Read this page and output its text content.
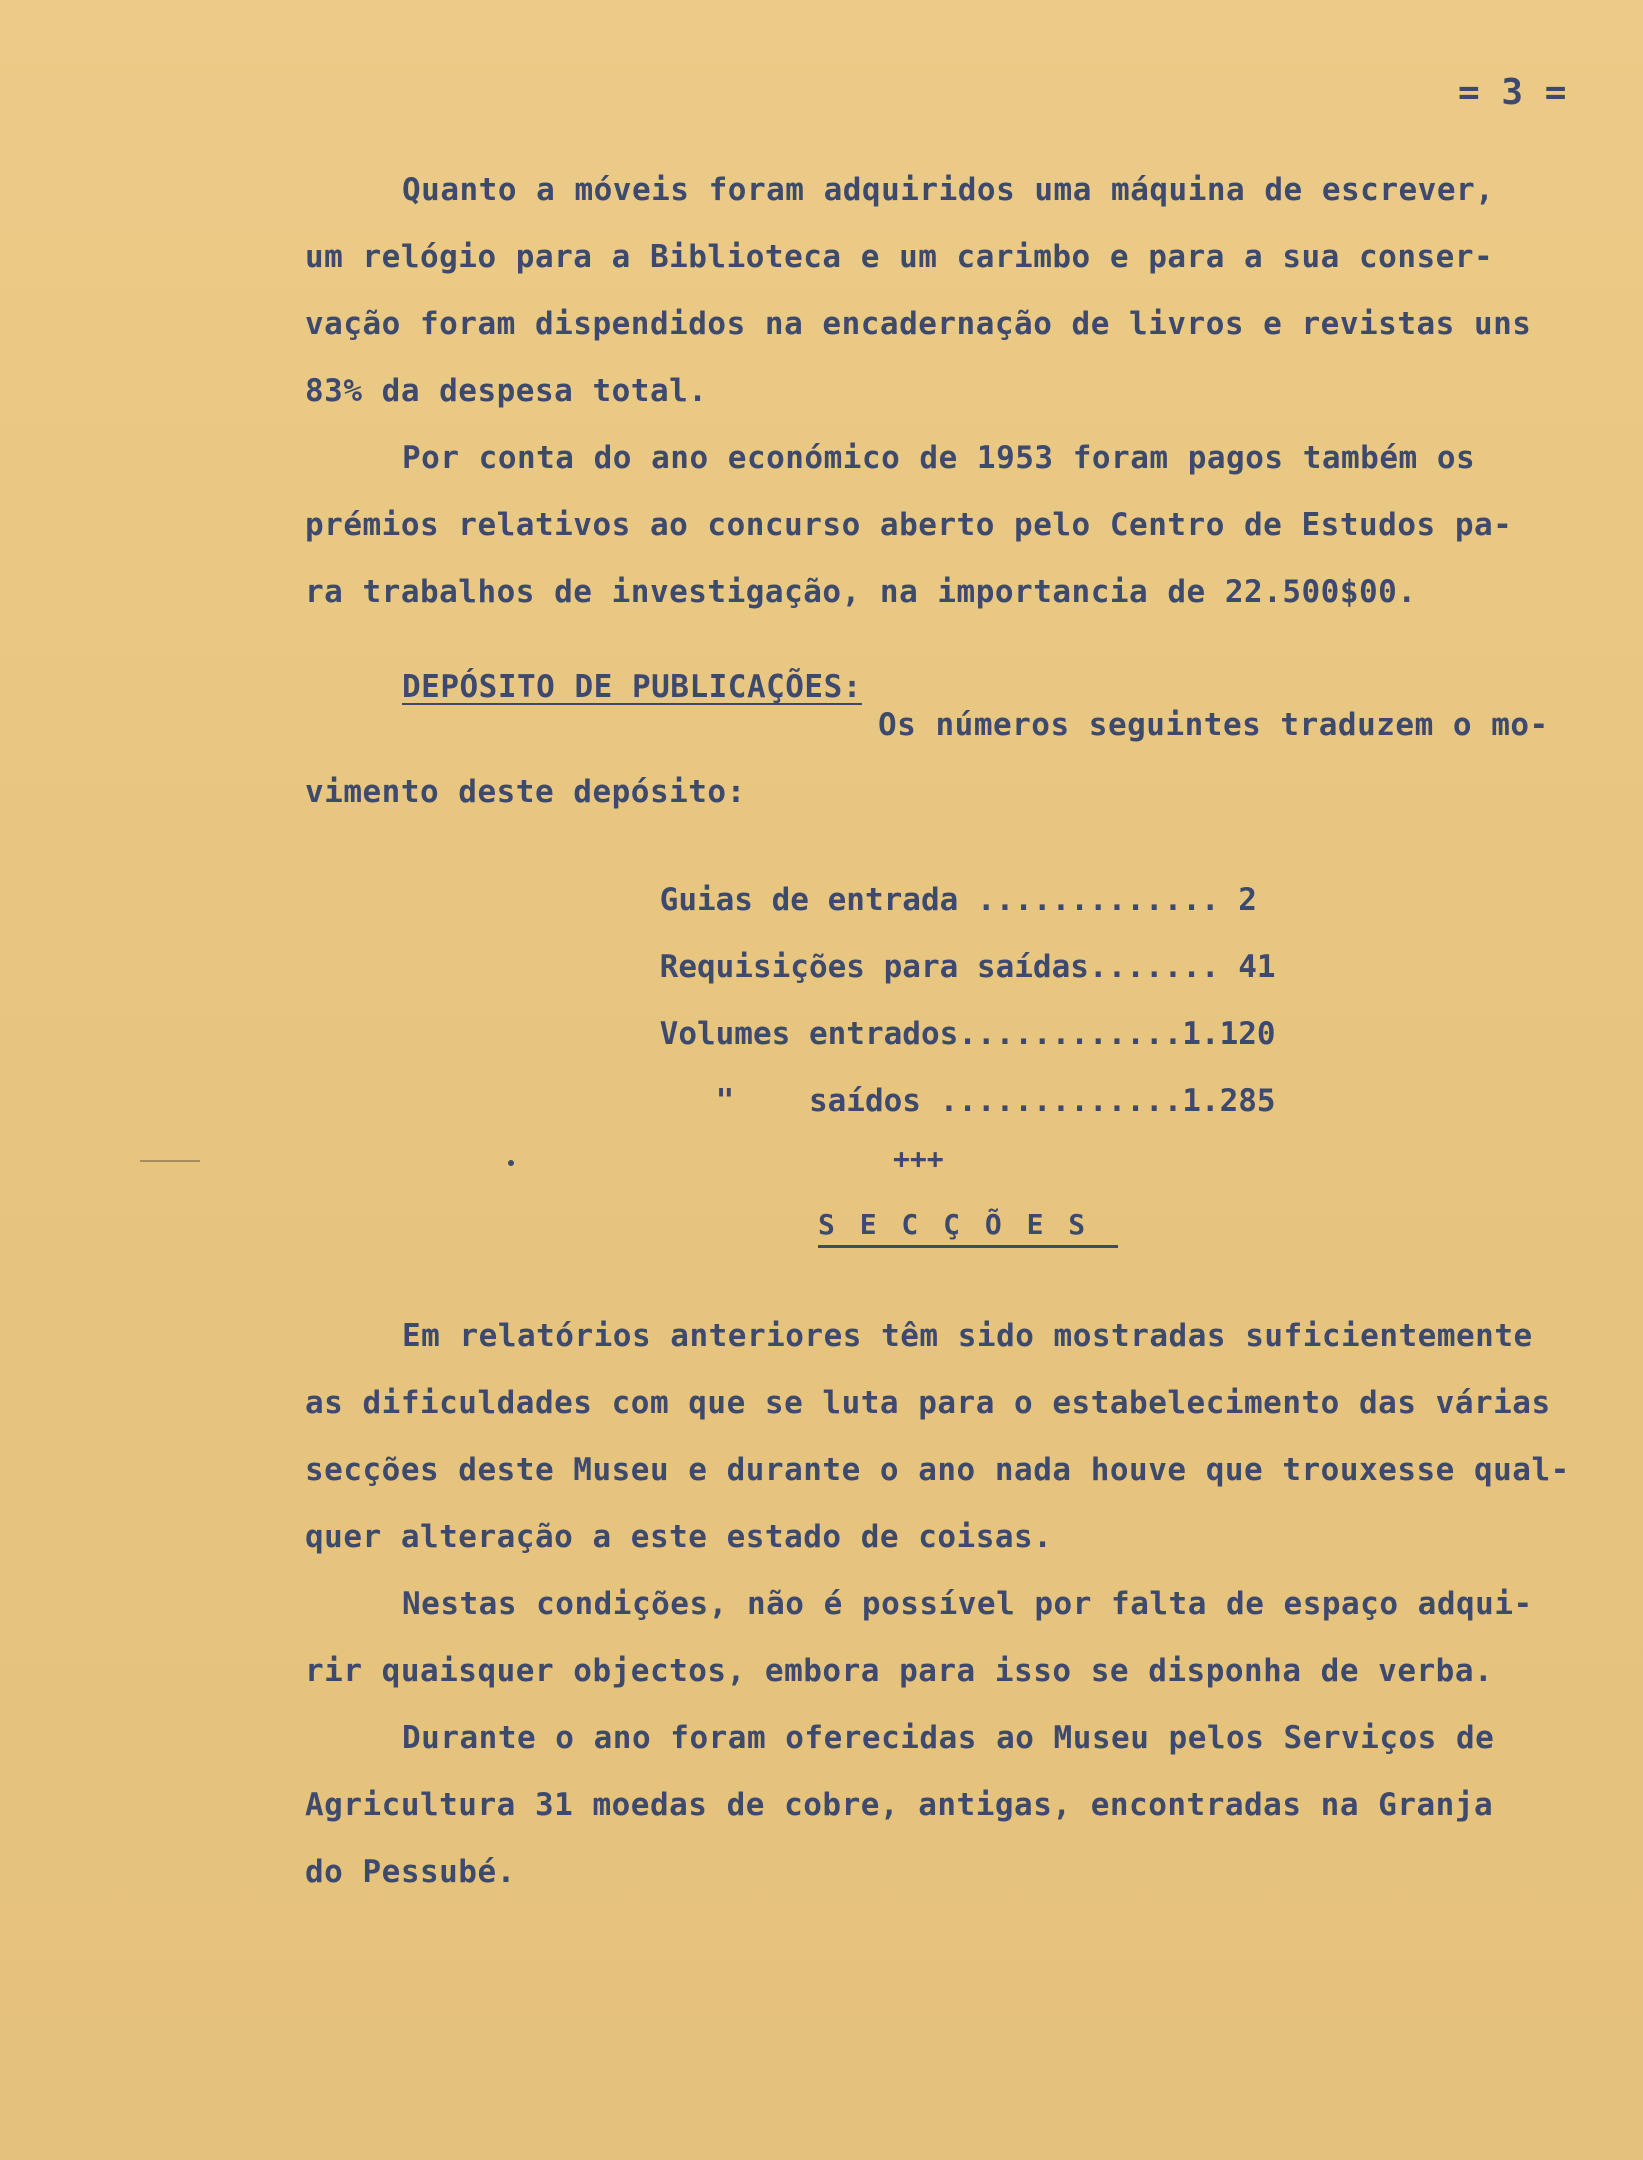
= 3 =
Quanto a móveis foram adquiridos uma máquina de escrever,
um relógio para a Biblioteca e um carimbo e para a sua conser-
vação foram dispendidos na encadernação de livros e revistas uns
83% da despesa total.
Por conta do ano económico de 1953 foram pagos também os
prémios relativos ao concurso aberto pelo Centro de Estudos pa-
ra trabalhos de investigação, na importancia de 22.500$00.
DEPÓSITO DE PUBLICAÇÕES:
Os números seguintes traduzem o mo-
vimento deste depósito:

Guias de entrada ............. 2

Requisições para saídas....... 41

Volumes entrados............1.120

"    saídos .............1.285

+++
S E C Ç Õ E S
Em relatórios anteriores têm sido mostradas suficientemente
as dificuldades com que se luta para o estabelecimento das várias
secções deste Museu e durante o ano nada houve que trouxesse qual-
quer alteração a este estado de coisas.
Nestas condições, não é possível por falta de espaço adqui-
rir quaisquer objectos, embora para isso se disponha de verba.
Durante o ano foram oferecidas ao Museu pelos Serviços de
Agricultura 31 moedas de cobre, antigas, encontradas na Granja
do Pessubé.
